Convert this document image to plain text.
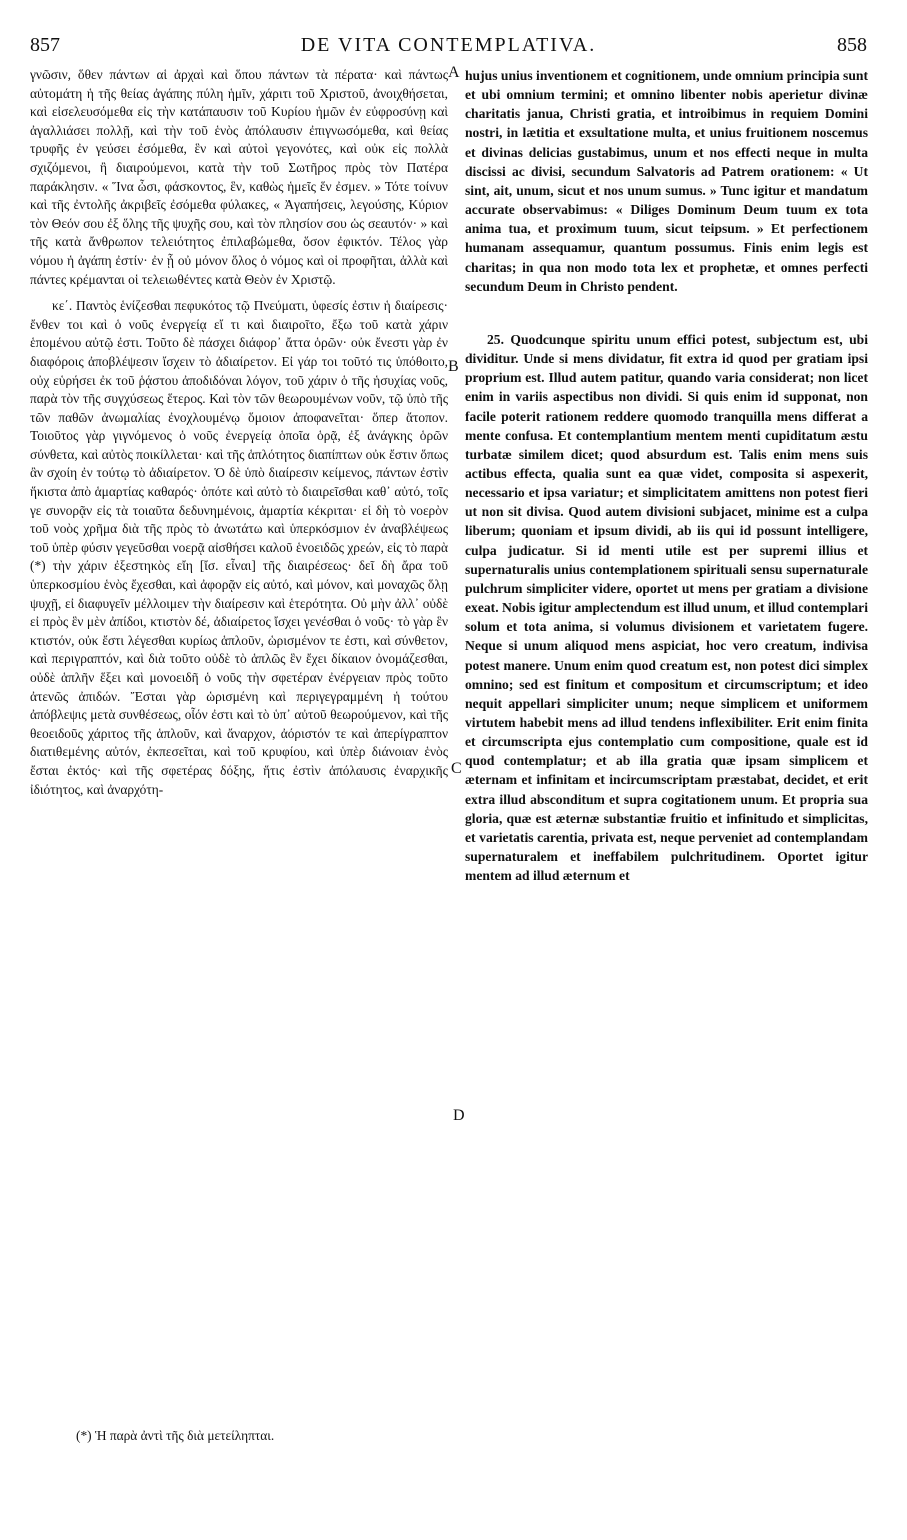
857	DE VITA CONTEMPLATIVA.	858

γνῶσιν, ὅθεν πάντων αἱ ἀρχαὶ καὶ ὅπου πάντων τὰ πέρατα· καὶ πάντως αὐτομάτη ἡ τῆς θείας ἀγάπης πύλη ἡμῖν, χάριτι τοῦ Χριστοῦ, ἀνοιχθήσεται, καὶ εἰσελευσόμεθα εἰς τὴν κατάπαυσιν τοῦ Κυρίου ἡμῶν ἐν εὐφροσύνῃ καὶ ἀγαλλιάσει πολλῇ, καὶ τὴν τοῦ ἑνὸς ἀπόλαυσιν ἐπιγνωσόμεθα, καὶ θείας τρυφῆς ἐν γεύσει ἐσόμεθα, ἓν καὶ αὐτοὶ γεγονότες, καὶ οὐκ εἰς πολλὰ σχιζόμενοι, ἢ διαιρούμενοι, κατὰ τὴν τοῦ Σωτῆρος πρὸς τὸν Πατέρα παράκλησιν. « Ἵνα ὦσι, φάσκοντος, ἓν, καθὼς ἡμεῖς ἕν ἐσμεν. » Τότε τοίνυν καὶ τῆς ἐντολῆς ἀκριβεῖς ἐσόμεθα φύλακες, « Ἀγαπήσεις, λεγούσης, Κύριον τὸν Θεόν σου ἐξ ὅλης τῆς ψυχῆς σου, καὶ τὸν πλησίον σου ὡς σεαυτόν· » καὶ τῆς κατὰ ἄνθρωπον τελειότητος ἐπιλαβώμεθα, ὅσον ἐφικτόν. Τέλος γὰρ νόμου ἡ ἀγάπη ἐστίν· ἐν ᾗ οὐ μόνον ὅλος ὁ νόμος καὶ οἱ προφῆται, ἀλλὰ καὶ πάντες κρέμανται οἱ τελειωθέντες κατὰ Θεὸν ἐν Χριστῷ.

κε΄. Παντὸς ἑνίζεσθαι πεφυκότος τῷ Πνεύματι, ὑφεσίς ἐστιν ἡ διαίρεσις· ἔνθεν τοι καὶ ὁ νοῦς ἐνεργείᾳ εἴ τι καὶ διαιροῖτο, ἔξω τοῦ κατὰ χάριν ἑπομένου αὐτῷ ἐστι. Τοῦτο δὲ πάσχει διάφορ᾽ ἄττα ὁρῶν· οὐκ ἔνεστι γὰρ ἐν διαφόροις ἀποβλέψεσιν ἴσχειν τὸ ἀδιαίρετον. Εἰ γάρ τοι τοῦτό τις ὑπόθοιτο, οὐχ εὑρήσει ἐκ τοῦ ῥᾴστου ἀποδιδόναι λόγον, τοῦ χάριν ὁ τῆς ἡσυχίας νοῦς, παρὰ τὸν τῆς συγχύσεως ἕτερος. Καὶ τὸν τῶν θεωρουμένων νοῦν, τῷ ὑπὸ τῆς τῶν παθῶν ἀνωμαλίας ἐνοχλουμένῳ ὅμοιον ἀποφανεῖται· ὅπερ ἄτοπον. Τοιοῦτος γὰρ γιγνόμενος ὁ νοῦς ἐνεργείᾳ ὁποῖα ὁρᾷ, ἐξ ἀνάγκης ὁρῶν σύνθετα, καὶ αὐτὸς ποικίλλεται· καὶ τῆς ἁπλότητος διαπίπτων οὐκ ἔστιν ὅπως ἂν σχοίη ἐν τούτῳ τὸ ἀδιαίρετον. Ὁ δὲ ὑπὸ διαίρεσιν κείμενος, πάντων ἐστὶν ἥκιστα ἀπὸ ἁμαρτίας καθαρός· ὁπότε καὶ αὐτὸ τὸ διαιρεῖσθαι καθ᾽ αὑτό, τοῖς γε συνορᾷν εἰς τὰ τοιαῦτα δεδυνημένοις, ἁμαρτία κέκριται· εἰ δὴ τὸ νοερὸν τοῦ νοὸς χρῆμα διὰ τῆς πρὸς τὸ ἀνωτάτω καὶ ὑπερκόσμιον ἐν ἀναβλέψεως τοῦ ὑπὲρ φύσιν γεγεῦσθαι νοερᾷ αἰσθήσει καλοῦ ἑνοειδῶς χρεών, εἰς τὸ παρὰ (*) τὴν χάριν ἐξεστηκὸς εἴη [ἴσ. εἶναι] τῆς διαιρέσεως· δεῖ δὴ ἄρα τοῦ ὑπερκοσμίου ἑνὸς ἔχεσθαι, καὶ ἀφορᾷν εἰς αὐτό, καὶ μόνον, καὶ μοναχῶς ὅλῃ ψυχῇ, εἰ διαφυγεῖν μέλλοιμεν τὴν διαίρεσιν καὶ ἑτερότητα. Οὐ μὴν ἀλλ᾽ οὐδὲ εἰ πρὸς ἓν μὲν ἀπίδοι, κτιστὸν δέ, ἀδιαίρετος ἴσχει γενέσθαι ὁ νοῦς· τὸ γὰρ ἓν κτιστόν, οὐκ ἔστι λέγεσθαι κυρίως ἁπλοῦν, ὡρισμένον τε ἐστι, καὶ σύνθετον, καὶ περιγραπτόν, καὶ διὰ τοῦτο οὐδὲ τὸ ἁπλῶς ἓν ἔχει δίκαιον ὀνομάζεσθαι, οὐδὲ ἁπλῆν ἕξει καὶ μονοειδῆ ὁ νοῦς τὴν σφετέραν ἐνέργειαν πρὸς τοῦτο ἀτενῶς ἀπιδών. Ἔσται γὰρ ὡρισμένη καὶ περιγεγραμμένη ἡ τούτου ἀπόβλεψις μετὰ συνθέσεως, οἷόν ἐστι καὶ τὸ ὑπ᾽ αὐτοῦ θεωρούμενον, καὶ τῆς θεοειδοῦς χάριτος τῆς ἁπλοῦν, καὶ ἄναρχον, ἀόριστόν τε καὶ ἀπερίγραπτον διατιθεμένης αὐτόν, ἐκπεσεῖται, καὶ τοῦ κρυφίου, καὶ ὑπὲρ διάνοιαν ἑνὸς ἔσται ἐκτός· καὶ τῆς σφετέρας δόξης, ἥτις ἐστὶν ἀπόλαυσις ἐναρχικῆς ἰδιότητος, καὶ ἀναρχότη-

hujus unius inventionem et cognitionem, unde omnium principia sunt et ubi omnium termini; et omnino libenter nobis aperietur divinæ charitatis janua, Christi gratia, et introibimus in requiem Domini nostri, in lætitia et exsultatione multa, et unius fruitionem noscemus et divinas delicias gustabimus, unum et nos effecti neque in multa discissi ac divisi, secundum Salvatoris ad Patrem orationem: « Ut sint, ait, unum, sicut et nos unum sumus. » Tunc igitur et mandatum accurate observabimus: « Diliges Dominum Deum tuum ex tota anima tua, et proximum tuum, sicut teipsum. » Et perfectionem humanam assequamur, quantum possumus. Finis enim legis est charitas; in qua non modo tota lex et prophetæ, et omnes perfecti secundum Deum in Christo pendent.

25. Quodcunque spiritu unum effici potest, subjectum est, ubi dividitur. Unde si mens dividatur, fit extra id quod per gratiam ipsi proprium est. Illud autem patitur, quando varia considerat; non licet enim in variis aspectibus non dividi. Si quis enim id supponat, non facile poterit rationem reddere quomodo tranquilla mens differat a mente confusa. Et contemplantium mentem menti cupiditatum æstu turbatæ similem dicet; quod absurdum est. Talis enim mens suis actibus effecta, qualia sunt ea quæ videt, composita si aspexerit, necessario et ipsa variatur; et simplicitatem amittens non potest fieri ut non sit divisa. Quod autem divisioni subjacet, minime est a culpa liberum; quoniam et ipsum dividi, ab iis qui id possunt intelligere, culpa judicatur. Si id menti utile est per supremi illius et supernaturalis unius contemplationem spirituali sensu supernaturale pulchrum simpliciter videre, oportet ut mens per gratiam a divisione exeat. Nobis igitur amplectendum est illud unum, et illud contemplari solum et tota anima, si volumus divisionem et varietatem fugere. Neque si unum aliquod mens aspiciat, hoc vero creatum, indivisa potest manere. Unum enim quod creatum est, non potest dici simplex omnino; sed est finitum et compositum et circumscriptum; et ideo nequit appellari simpliciter unum; neque simplicem et uniformem virtutem habebit mens ad illud tendens inflexibiliter. Erit enim finita et circumscripta ejus contemplatio cum compositione, quale est id quod contemplatur; et ab illa gratia quæ ipsam simplicem et æternam et infinitam et incircumscriptam præstabat, decidet, et erit extra illud absconditum et supra cogitationem unum. Et propria sua gloria, quæ est æternæ substantiæ fruitio et infinitudo et simplicitas, et varietatis carentia, privata est, neque perveniet ad contemplandam supernaturalem et ineffabilem pulchritudinem. Oportet igitur mentem ad illud æternum et

A
B
C
D
(*) Ἡ παρὰ ἀντὶ τῆς διὰ μετείληπται.
